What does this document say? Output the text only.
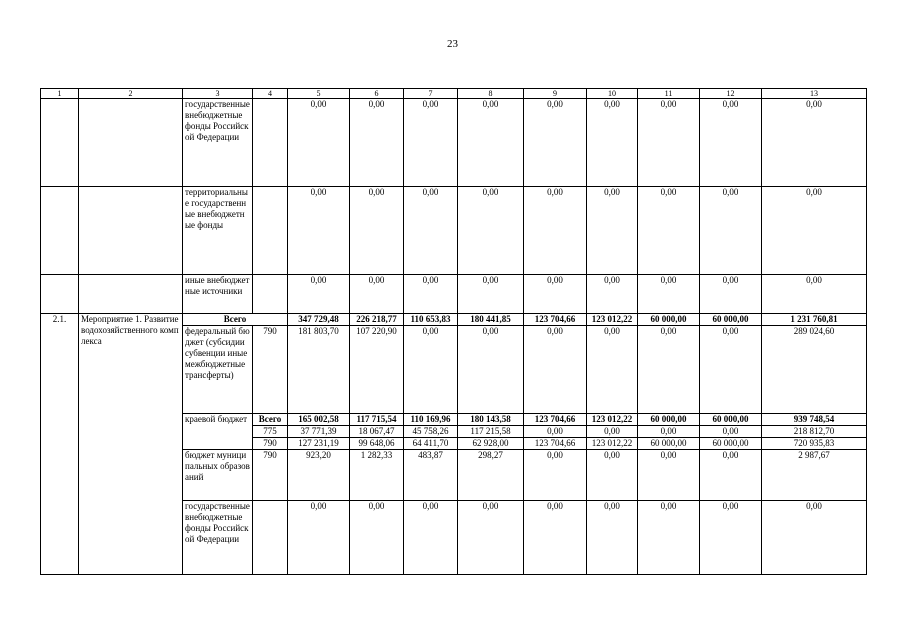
23
1	2	3	4	5	6	7	8	9	10	11	12	13
		государственные внебюджетные фонды Российской Федерации		0,00	0,00	0,00	0,00	0,00	0,00	0,00	0,00	0,00
		территориальные государственные внебюджетные фонды		0,00	0,00	0,00	0,00	0,00	0,00	0,00	0,00	0,00
		иные внебюджетные источники		0,00	0,00	0,00	0,00	0,00	0,00	0,00	0,00	0,00
2.1.	Мероприятие 1. Развитие водохозяйственного комплекса	Всего		347 729,48	226 218,77	110 653,83	180 441,85	123 704,66	123 012,22	60 000,00	60 000,00	1 231 760,81
		федеральный бюджет (субсидии субвенции иные межбюджетные трансферты)	790	181 803,70	107 220,90	0,00	0,00	0,00	0,00	0,00	0,00	289 024,60
		краевой бюджет	Всего	165 002,58	117 715,54	110 169,96	180 143,58	123 704,66	123 012,22	60 000,00	60 000,00	939 748,54
			775	37 771,39	18 067,47	45 758,26	117 215,58	0,00	0,00	0,00	0,00	218 812,70
			790	127 231,19	99 648,06	64 411,70	62 928,00	123 704,66	123 012,22	60 000,00	60 000,00	720 935,83
		бюджет муниципальных образований	790	923,20	1 282,33	483,87	298,27	0,00	0,00	0,00	0,00	2 987,67
		государственные внебюджетные фонды Российской Федерации		0,00	0,00	0,00	0,00	0,00	0,00	0,00	0,00	0,00
